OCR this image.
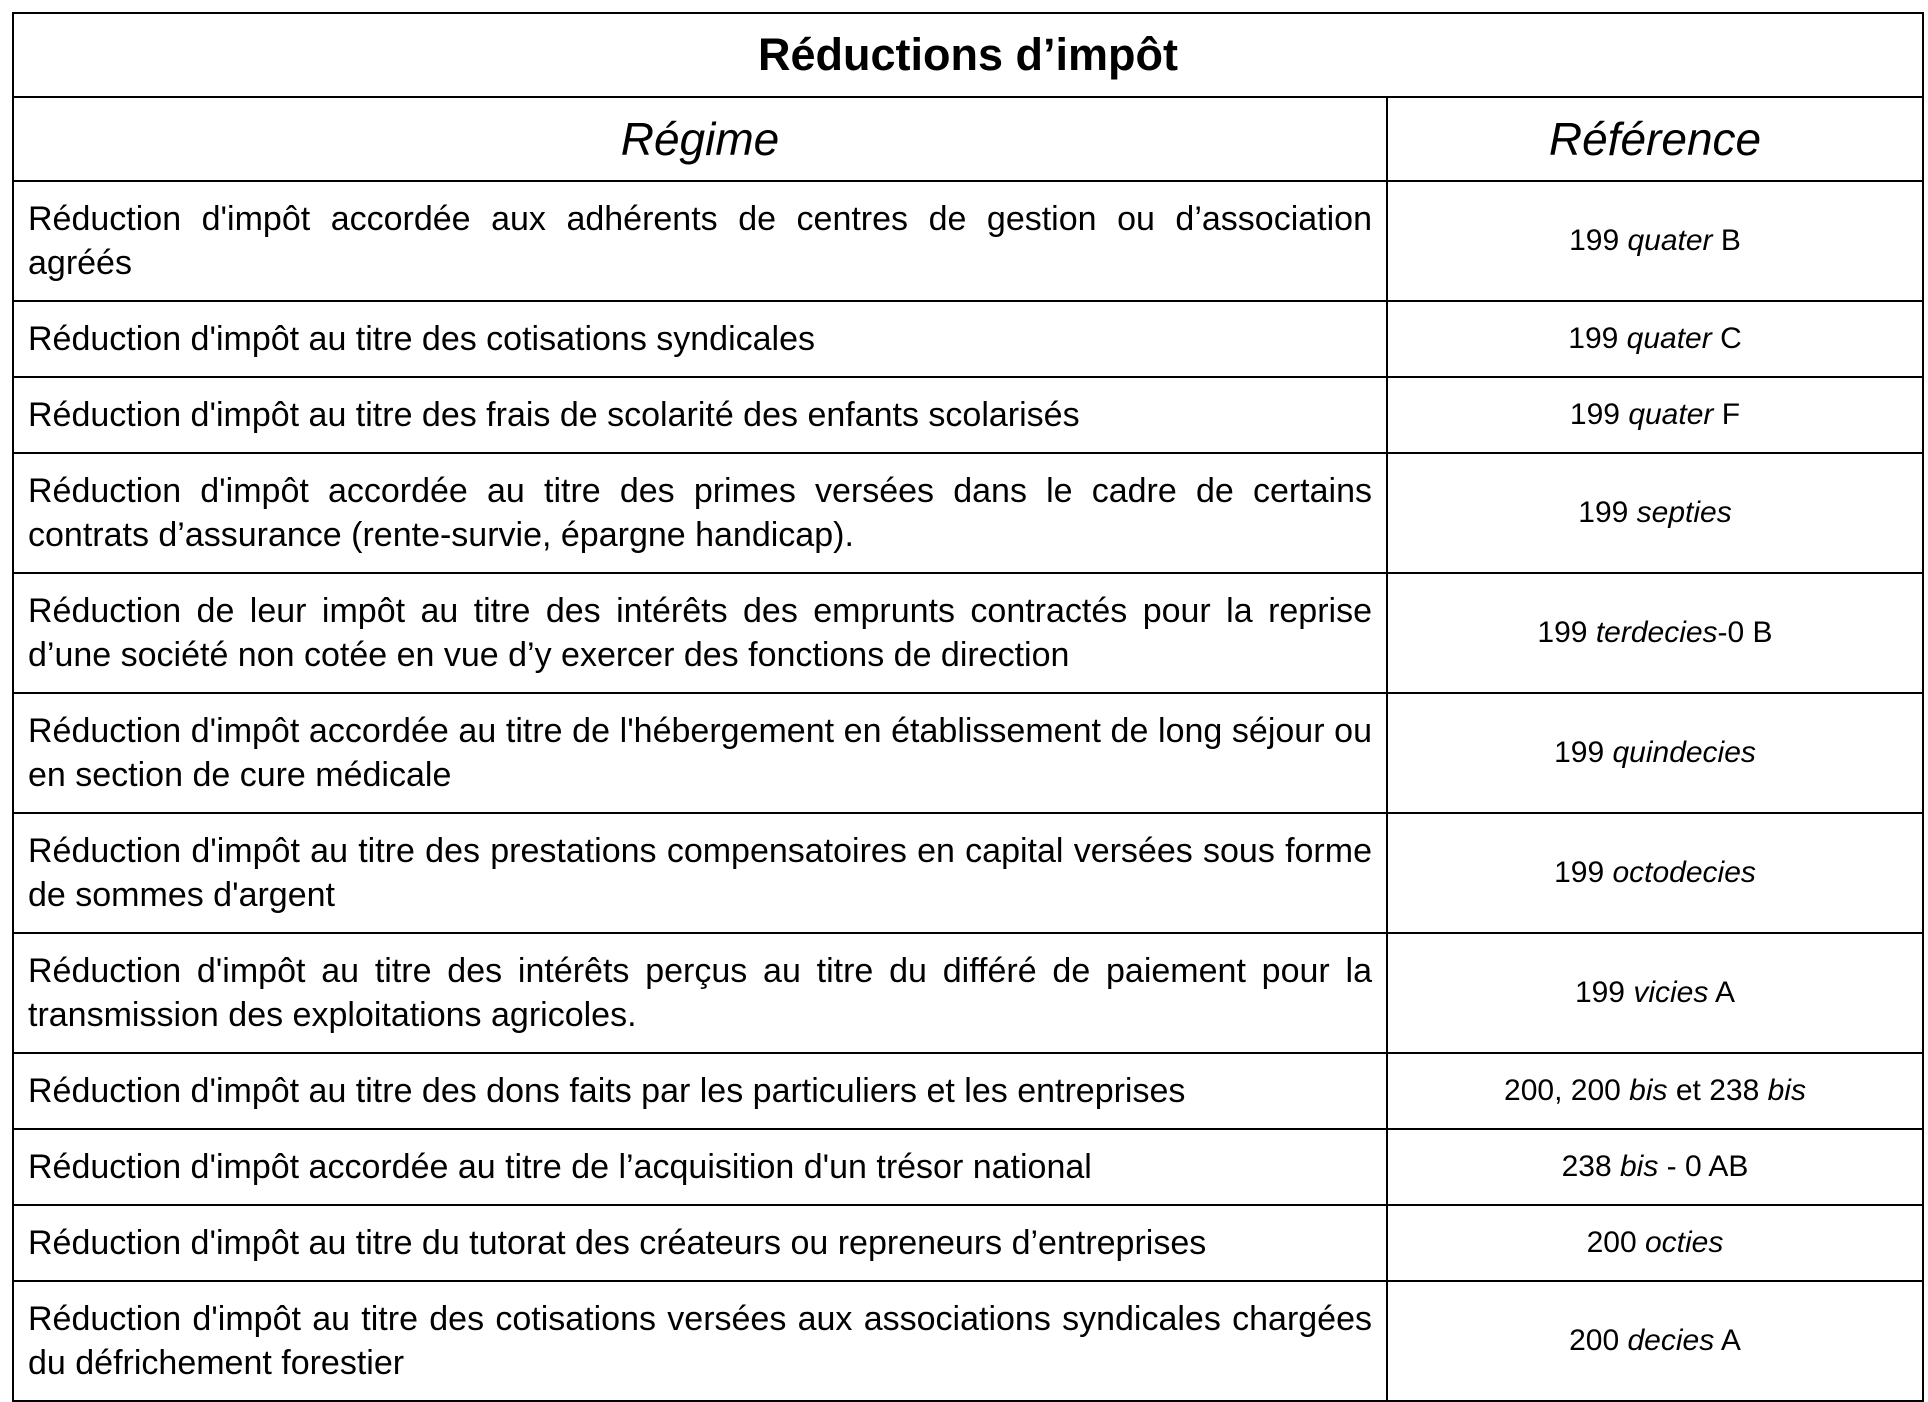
Réductions d’impôt	
Régime	Référence
Réduction d'impôt accordée aux adhérents de centres de gestion ou d’association agréés	199 quater B
Réduction d'impôt au titre des cotisations syndicales	199 quater C
Réduction d'impôt au titre des frais de scolarité des enfants scolarisés	199 quater F
Réduction d'impôt accordée au titre des primes versées dans le cadre de certains contrats d’assurance (rente-survie, épargne handicap).	199 septies
Réduction de leur impôt au titre des intérêts des emprunts contractés pour la reprise d’une société non cotée en vue d’y exercer des fonctions de direction	199 terdecies-0 B
Réduction d'impôt accordée au titre de l'hébergement en établissement de long séjour ou en section de cure médicale	199 quindecies
Réduction d'impôt au titre des prestations compensatoires en capital versées sous forme de sommes d'argent	199 octodecies
Réduction d'impôt au titre des intérêts perçus au titre du différé de paiement pour la transmission des exploitations agricoles.	199 vicies A
Réduction d'impôt au titre des dons faits par les particuliers et les entreprises	200, 200 bis et 238 bis
Réduction d'impôt accordée au titre de l’acquisition d'un trésor national	238 bis - 0 AB
Réduction d'impôt au titre du tutorat des créateurs ou repreneurs d’entreprises	200 octies
Réduction d'impôt au titre des cotisations versées aux associations syndicales chargées du défrichement forestier	200 decies A
